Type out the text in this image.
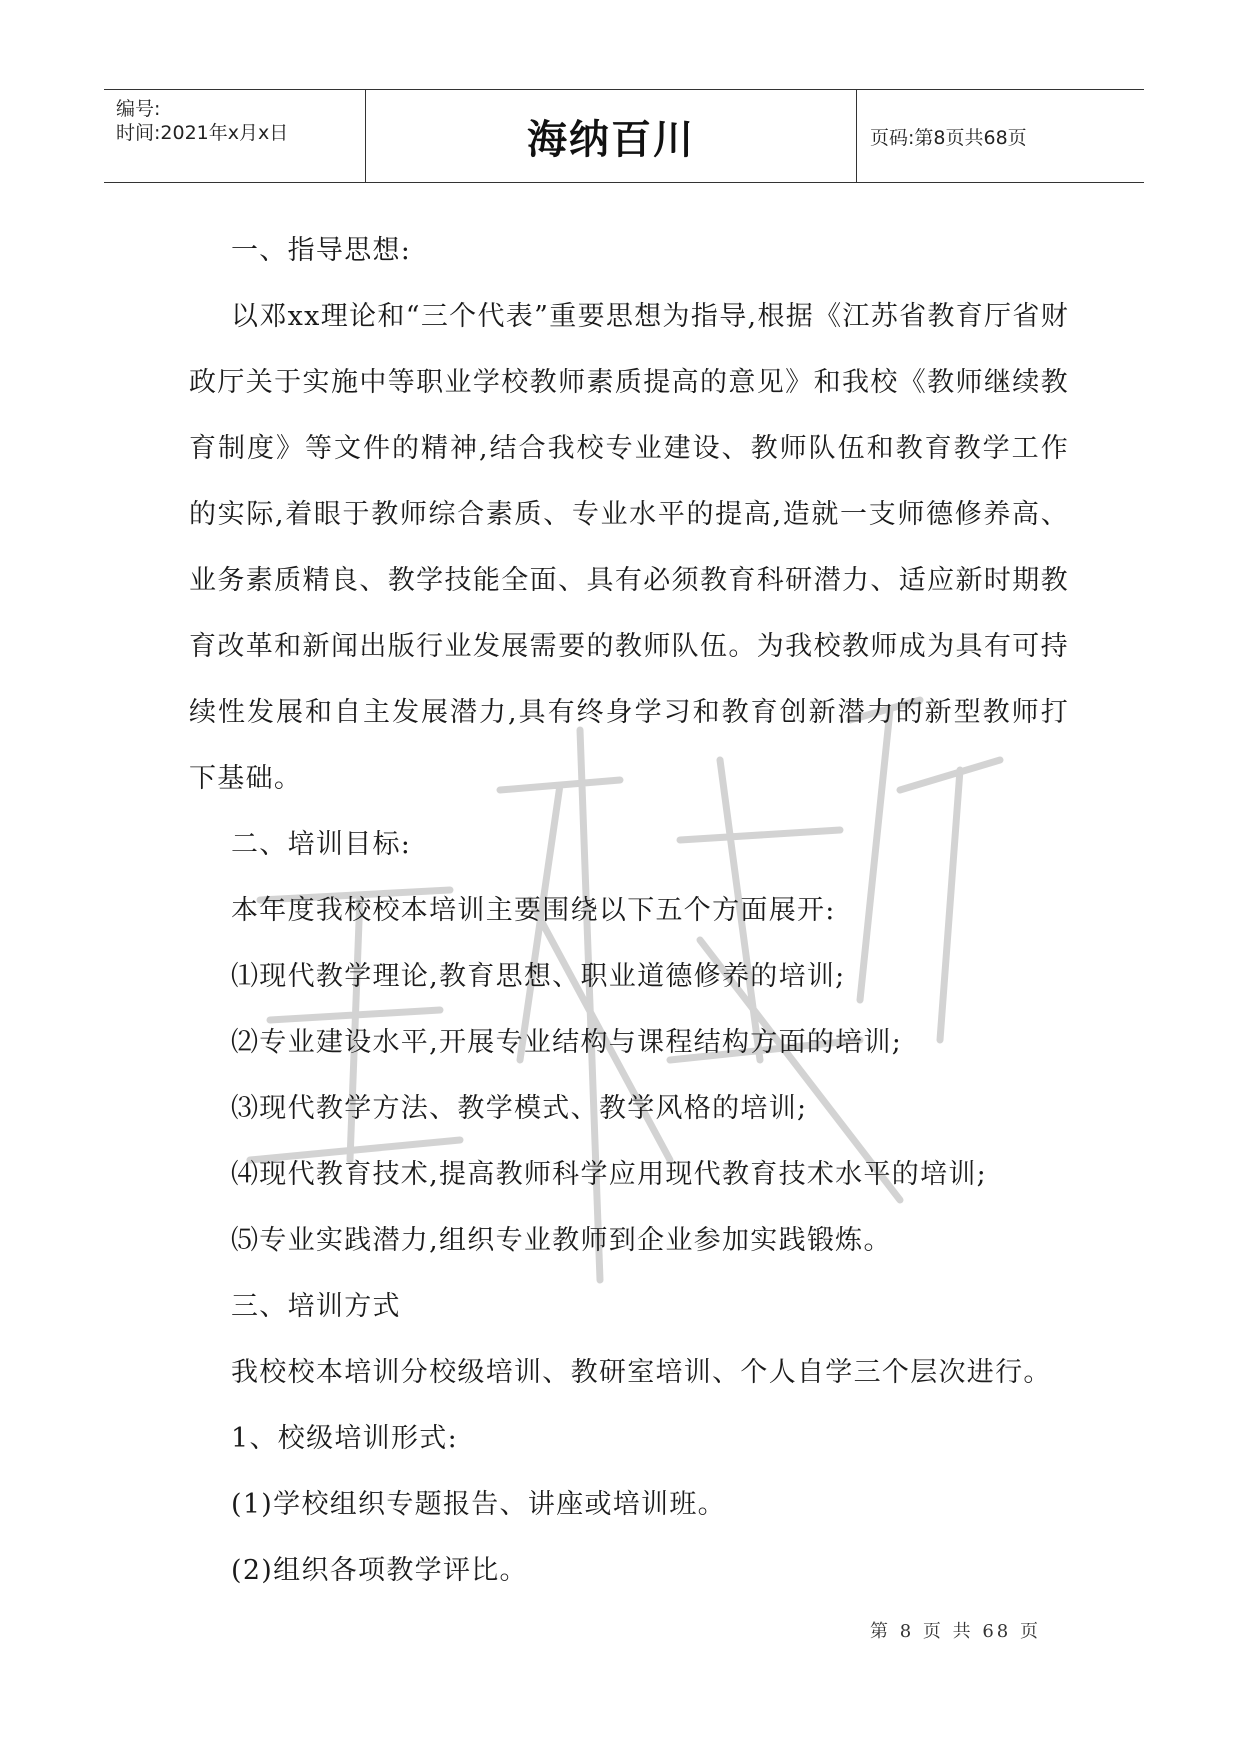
编号:
时间:2021年x月x日	海纳百川	页码:第8页共68页

一、指导思想:

以邓xx理论和“三个代表”重要思想为指导,根据《江苏省教育厅省财政厅关于实施中等职业学校教师素质提高的意见》和我校《教师继续教育制度》等文件的精神,结合我校专业建设、教师队伍和教育教学工作的实际,着眼于教师综合素质、专业水平的提高,造就一支师德修养高、业务素质精良、教学技能全面、具有必须教育科研潜力、适应新时期教育改革和新闻出版行业发展需要的教师队伍。为我校教师成为具有可持续性发展和自主发展潜力,具有终身学习和教育创新潜力的新型教师打下基础。

二、培训目标:

本年度我校校本培训主要围绕以下五个方面展开:

⑴现代教学理论,教育思想、职业道德修养的培训;

⑵专业建设水平,开展专业结构与课程结构方面的培训;

⑶现代教学方法、教学模式、教学风格的培训;

⑷现代教育技术,提高教师科学应用现代教育技术水平的培训;

⑸专业实践潜力,组织专业教师到企业参加实践锻炼。

三、培训方式

我校校本培训分校级培训、教研室培训、个人自学三个层次进行。

1、校级培训形式:

(1)学校组织专题报告、讲座或培训班。

(2)组织各项教学评比。

第 8 页 共 68 页
